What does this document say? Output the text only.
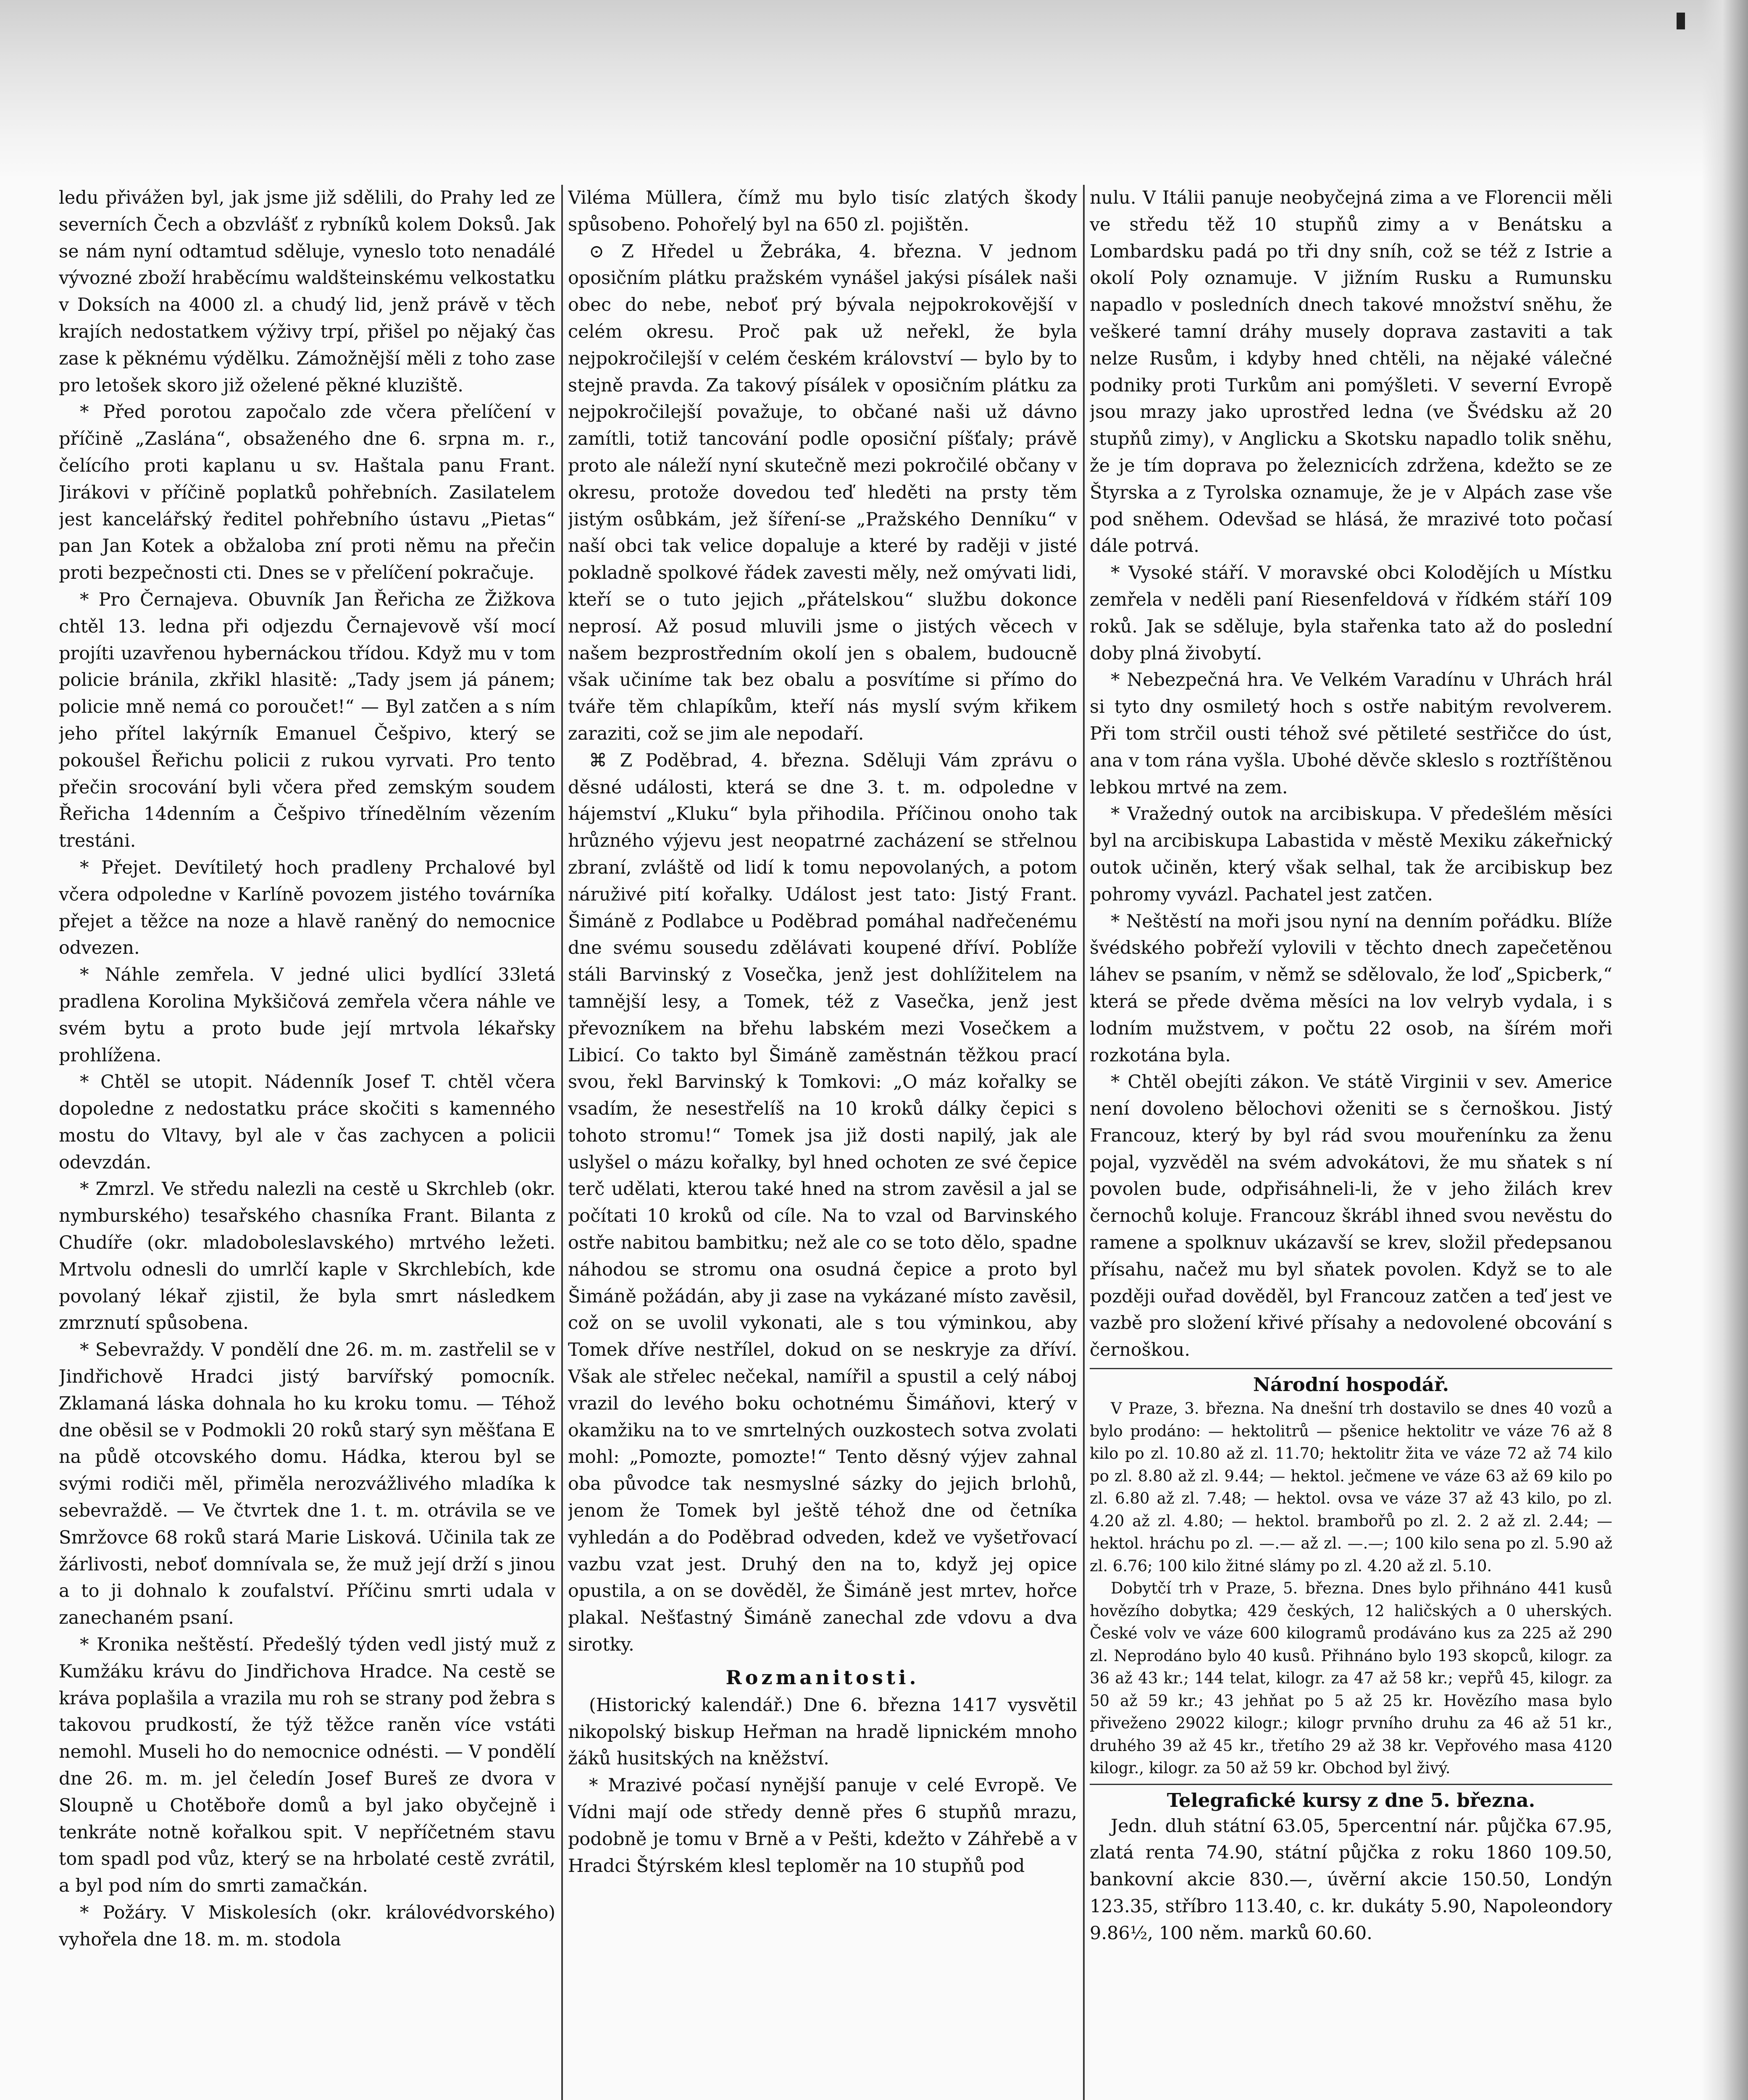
ledu přivážen byl, jak jsme již sdělili, do Prahy led ze severních Čech a obzvlášť z rybníků kolem Doksů. Jak se nám nyní odtamtud sděluje, vyneslo toto nenadálé vývozné zboží hraběcímu waldšteinskému velkostatku v Doksích na 4000 zl. a chudý lid, jenž právě v těch krajích nedostatkem výživy trpí, přišel po nějaký čas zase k pěknému výdělku. Zámožnější měli z toho zase pro letošek skoro již oželené pěkné kluziště.

* Před porotou započalo zde včera přelíčení v příčině „Zaslána“, obsaženého dne 6. srpna m. r., čelícího proti kaplanu u sv. Haštala panu Frant. Jirákovi v příčině poplatků pohřebních. Zasilatelem jest kancelářský ředitel pohřebního ústavu „Pietas“ pan Jan Kotek a obžaloba zní proti němu na přečin proti bezpečnosti cti. Dnes se v přelíčení pokračuje.

* Pro Černajeva. Obuvník Jan Řeřicha ze Žižkova chtěl 13. ledna při odjezdu Černajevově vší mocí projíti uzavřenou hybernáckou třídou. Když mu v tom policie bránila, zkřikl hlasitě: „Tady jsem já pánem; policie mně nemá co poroučet!“ — Byl zatčen a s ním jeho přítel lakýrník Emanuel Češpivo, který se pokoušel Řeřichu policii z rukou vyrvati. Pro tento přečin srocování byli včera před zemským soudem Řeřicha 14denním a Češpivo třínedělním vězením trestáni.

* Přejet. Devítiletý hoch pradleny Prchalové byl včera odpoledne v Karlíně povozem jistého továrníka přejet a těžce na noze a hlavě raněný do nemocnice odvezen.

* Náhle zemřela. V jedné ulici bydlící 33letá pradlena Korolina Mykšičová zemřela včera náhle ve svém bytu a proto bude její mrtvola lékařsky prohlížena.

* Chtěl se utopit. Nádenník Josef T. chtěl včera dopoledne z nedostatku práce skočiti s kamenného mostu do Vltavy, byl ale v čas zachycen a policii odevzdán.

* Zmrzl. Ve středu nalezli na cestě u Skrchleb (okr. nymburského) tesařského chasníka Frant. Bilanta z Chudíře (okr. mladoboleslavského) mrtvého ležeti. Mrtvolu odnesli do umrlčí kaple v Skrchlebích, kde povolaný lékař zjistil, že byla smrt následkem zmrznutí spůsobena.

* Sebevraždy. V pondělí dne 26. m. m. zastřelil se v Jindřichově Hradci jistý barvířský pomocník. Zklamaná láska dohnala ho ku kroku tomu. — Téhož dne oběsil se v Podmokli 20 roků starý syn měšťana E na půdě otcovského domu. Hádka, kterou byl se svými rodiči měl, přiměla nerozvážlivého mladíka k sebevraždě. — Ve čtvrtek dne 1. t. m. otrávila se ve Smržovce 68 roků stará Marie Lisková. Učinila tak ze žárlivosti, neboť domnívala se, že muž její drží s jinou a to ji dohnalo k zoufalství. Příčinu smrti udala v zanechaném psaní.

* Kronika neštěstí. Předešlý týden vedl jistý muž z Kumžáku krávu do Jindřichova Hradce. Na cestě se kráva poplašila a vrazila mu roh se strany pod žebra s takovou prudkostí, že týž těžce raněn více vstáti nemohl. Museli ho do nemocnice odnésti. — V pondělí dne 26. m. m. jel čeledín Josef Bureš ze dvora v Sloupně u Chotěboře domů a byl jako obyčejně i tenkráte notně kořalkou spit. V nepříčetném stavu tom spadl pod vůz, který se na hrbolaté cestě zvrátil, a byl pod ním do smrti zamačkán.

* Požáry. V Miskolesích (okr. královédvorského) vyhořela dne 18. m. m. stodola

Viléma Müllera, čímž mu bylo tisíc zlatých škody spůsobeno. Pohořelý byl na 650 zl. pojištěn.

⊙ Z Hředel u Žebráka, 4. března. V jednom oposičním plátku pražském vynášel jakýsi písálek naši obec do nebe, neboť prý bývala nejpokrokovější v celém okresu. Proč pak už neřekl, že byla nejpokročilejší v celém českém království — bylo by to stejně pravda. Za takový písálek v oposičním plátku za nejpokročilejší považuje, to občané naši už dávno zamítli, totiž tancování podle oposiční píšťaly; právě proto ale náleží nyní skutečně mezi pokročilé občany v okresu, protože dovedou teď hleděti na prsty těm jistým osůbkám, jež šíření-se „Pražského Denníku“ v naší obci tak velice dopaluje a které by raději v jisté pokladně spolkové řádek zavesti měly, než omývati lidi, kteří se o tuto jejich „přátelskou“ službu dokonce neprosí. Až posud mluvili jsme o jistých věcech v našem bezprostředním okolí jen s obalem, budoucně však učiníme tak bez obalu a posvítíme si přímo do tváře těm chlapíkům, kteří nás myslí svým křikem zaraziti, což se jim ale nepodaří.

⌘ Z Poděbrad, 4. března. Sděluji Vám zprávu o děsné události, která se dne 3. t. m. odpoledne v hájemství „Kluku“ byla přihodila. Příčinou onoho tak hrůzného výjevu jest neopatrné zacházení se střelnou zbraní, zvláště od lidí k tomu nepovolaných, a potom náruživé pití kořalky. Událost jest tato: Jistý Frant. Šimáně z Podlabce u Poděbrad pomáhal nadřečenému dne svému sousedu zdělávati koupené dříví. Poblíže stáli Barvinský z Vosečka, jenž jest dohlížitelem na tamnější lesy, a Tomek, též z Vasečka, jenž jest převozníkem na břehu labském mezi Vosečkem a Libicí. Co takto byl Šimáně zaměstnán těžkou prací svou, řekl Barvinský k Tomkovi: „O máz kořalky se vsadím, že nesestřelíš na 10 kroků dálky čepici s tohoto stromu!“ Tomek jsa již dosti napilý, jak ale uslyšel o mázu kořalky, byl hned ochoten ze své čepice terč udělati, kterou také hned na strom zavěsil a jal se počítati 10 kroků od cíle. Na to vzal od Barvinského ostře nabitou bambitku; než ale co se toto dělo, spadne náhodou se stromu ona osudná čepice a proto byl Šimáně požádán, aby ji zase na vykázané místo zavěsil, což on se uvolil vykonati, ale s tou výminkou, aby Tomek dříve nestřílel, dokud on se neskryje za dříví. Však ale střelec nečekal, namířil a spustil a celý náboj vrazil do levého boku ochotnému Šimáňovi, který v okamžiku na to ve smrtelných ouzkostech sotva zvolati mohl: „Pomozte, pomozte!“ Tento děsný výjev zahnal oba původce tak nesmyslné sázky do jejich brlohů, jenom že Tomek byl ještě téhož dne od četníka vyhledán a do Poděbrad odveden, kdež ve vyšetřovací vazbu vzat jest. Druhý den na to, když jej opice opustila, a on se dověděl, že Šimáně jest mrtev, hořce plakal. Nešťastný Šimáně zanechal zde vdovu a dva sirotky.

Rozmanitosti.

(Historický kalendář.) Dne 6. března 1417 vysvětil nikopolský biskup Heřman na hradě lipnickém mnoho žáků husitských na kněžství.

* Mrazivé počasí nynější panuje v celé Evropě. Ve Vídni mají ode středy denně přes 6 stupňů mrazu, podobně je tomu v Brně a v Pešti, kdežto v Záhřebě a v Hradci Štýrském klesl teploměr na 10 stupňů pod

nulu. V Itálii panuje neobyčejná zima a ve Florencii měli ve středu těž 10 stupňů zimy a v Benátsku a Lombardsku padá po tři dny sníh, což se též z Istrie a okolí Poly oznamuje. V jižním Rusku a Rumunsku napadlo v posledních dnech takové množství sněhu, že veškeré tamní dráhy musely doprava zastaviti a tak nelze Rusům, i kdyby hned chtěli, na nějaké válečné podniky proti Turkům ani pomýšleti. V severní Evropě jsou mrazy jako uprostřed ledna (ve Švédsku až 20 stupňů zimy), v Anglicku a Skotsku napadlo tolik sněhu, že je tím doprava po železnicích zdržena, kdežto se ze Štyrska a z Tyrolska oznamuje, že je v Alpách zase vše pod sněhem. Odevšad se hlásá, že mrazivé toto počasí dále potrvá.

* Vysoké stáří. V moravské obci Kolodějích u Místku zemřela v neděli paní Riesenfeldová v řídkém stáří 109 roků. Jak se sděluje, byla stařenka tato až do poslední doby plná živobytí.

* Nebezpečná hra. Ve Velkém Varadínu v Uhrách hrál si tyto dny osmiletý hoch s ostře nabitým revolverem. Při tom strčil ousti téhož své pětileté sestřičce do úst, ana v tom rána vyšla. Ubohé děvče skleslo s roztříštěnou lebkou mrtvé na zem.

* Vražedný outok na arcibiskupa. V předešlém měsíci byl na arcibiskupa Labastida v městě Mexiku zákeřnický outok učiněn, který však selhal, tak že arcibiskup bez pohromy vyvázl. Pachatel jest zatčen.

* Neštěstí na moři jsou nyní na denním pořádku. Blíže švédského pobřeží vylovili v těchto dnech zapečetěnou láhev se psaním, v němž se sdělovalo, že loď „Spicberk,“ která se přede dvěma měsíci na lov velryb vydala, i s lodním mužstvem, v počtu 22 osob, na šírém moři rozkotána byla.

* Chtěl obejíti zákon. Ve státě Virginii v sev. Americe není dovoleno bělochovi oženiti se s černoškou. Jistý Francouz, který by byl rád svou mouřenínku za ženu pojal, vyzvěděl na svém advokátovi, že mu sňatek s ní povolen bude, odpřisáhneli-li, že v jeho žilách krev černochů koluje. Francouz škrábl ihned svou nevěstu do ramene a spolknuv ukázavší se krev, složil předepsanou přísahu, načež mu byl sňatek povolen. Když se to ale později ouřad dověděl, byl Francouz zatčen a teď jest ve vazbě pro složení křivé přísahy a nedovolené obcování s černoškou.

Národní hospodář.

V Praze, 3. března. Na dnešní trh dostavilo se dnes 40 vozů a bylo prodáno: — hektolitrů — pšenice hektolitr ve váze 76 až 8 kilo po zl. 10.80 až zl. 11.70; hektolitr žita ve váze 72 až 74 kilo po zl. 8.80 až zl. 9.44; — hektol. ječmene ve váze 63 až 69 kilo po zl. 6.80 až zl. 7.48; — hektol. ovsa ve váze 37 až 43 kilo, po zl. 4.20 až zl. 4.80; — hektol. brambořů po zl. 2. 2 až zl. 2.44; — hektol. hráchu po zl. —.— až zl. —.—; 100 kilo sena po zl. 5.90 až zl. 6.76; 100 kilo žitné slámy po zl. 4.20 až zl. 5.10.

Dobytčí trh v Praze, 5. března. Dnes bylo přihnáno 441 kusů hovězího dobytka; 429 českých, 12 haličských a 0 uherských. České volv ve váze 600 kilogramů prodáváno kus za 225 až 290 zl. Neprodáno bylo 40 kusů. Přihnáno bylo 193 skopců, kilogr. za 36 až 43 kr.; 144 telat, kilogr. za 47 až 58 kr.; vepřů 45, kilogr. za 50 až 59 kr.; 43 jehňat po 5 až 25 kr. Hovězího masa bylo přiveženo 29022 kilogr.; kilogr prvního druhu za 46 až 51 kr., druhého 39 až 45 kr., třetího 29 až 38 kr. Vepřového masa 4120 kilogr., kilogr. za 50 až 59 kr. Obchod byl živý.

Telegrafické kursy z dne 5. března.

Jedn. dluh státní 63.05, 5percentní nár. půjčka 67.95, zlatá renta 74.90, státní půjčka z roku 1860 109.50, bankovní akcie 830.—, úvěrní akcie 150.50, Londýn 123.35, stříbro 113.40, c. kr. dukáty 5.90, Napoleondory 9.86½, 100 něm. marků 60.60.
